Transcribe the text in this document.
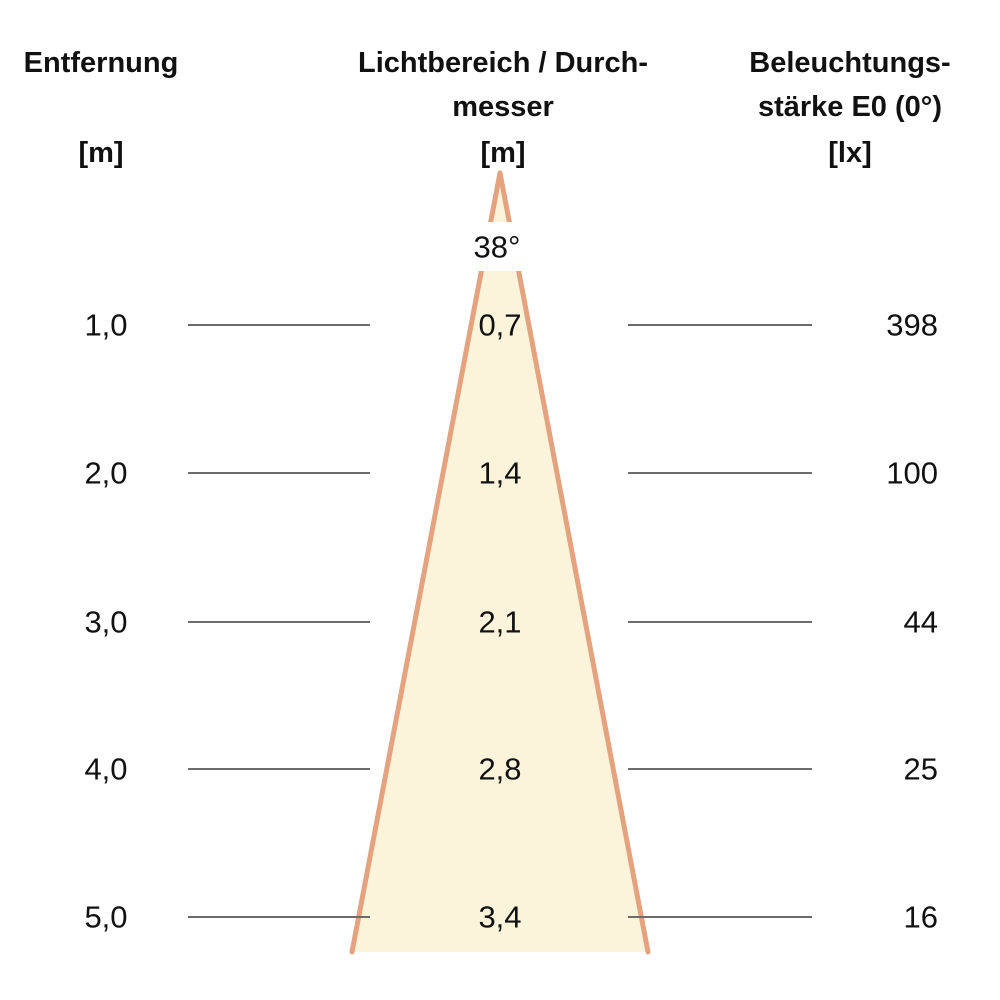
Entfernung
[m]
Lichtbereich / Durch-
messer
[m]
Beleuchtungs-
stärke E0 (0°)
[lx]
38°
1,0	0,7	398
2,0	1,4	100
3,0	2,1	44
4,0	2,8	25
5,0	3,4	16
